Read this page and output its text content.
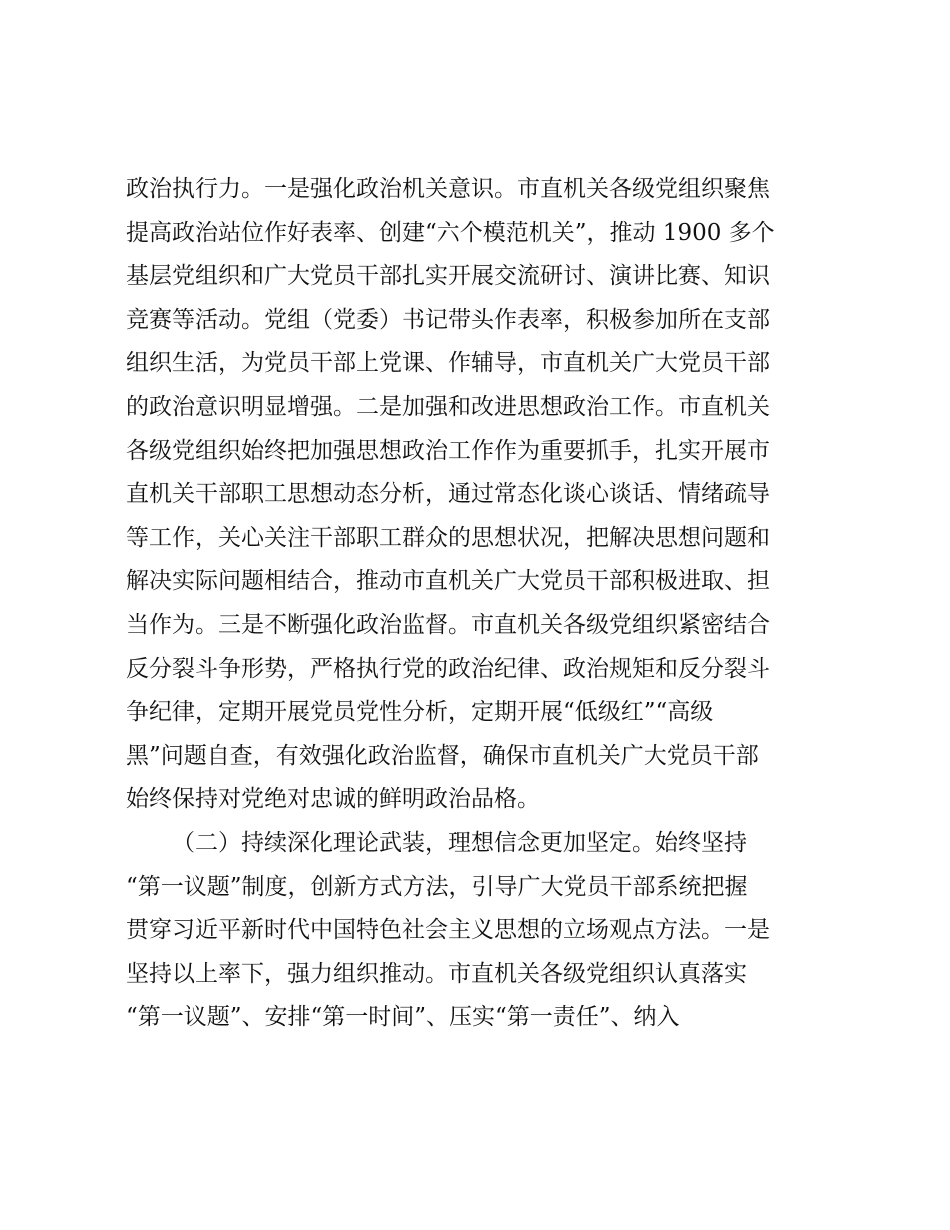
政治执行力。一是强化政治机关意识。市直机关各级党组织聚焦

提高政治站位作好表率、创建“六个模范机关”，推动 1900 多个

基层党组织和广大党员干部扎实开展交流研讨、演讲比赛、知识

竞赛等活动。党组（党委）书记带头作表率，积极参加所在支部

组织生活，为党员干部上党课、作辅导，市直机关广大党员干部

的政治意识明显增强。二是加强和改进思想政治工作。市直机关

各级党组织始终把加强思想政治工作作为重要抓手，扎实开展市

直机关干部职工思想动态分析，通过常态化谈心谈话、情绪疏导

等工作，关心关注干部职工群众的思想状况，把解决思想问题和

解决实际问题相结合，推动市直机关广大党员干部积极进取、担

当作为。三是不断强化政治监督。市直机关各级党组织紧密结合

反分裂斗争形势，严格执行党的政治纪律、政治规矩和反分裂斗

争纪律，定期开展党员党性分析，定期开展“低级红”“高级

黑”问题自查，有效强化政治监督，确保市直机关广大党员干部

始终保持对党绝对忠诚的鲜明政治品格。

（二）持续深化理论武装，理想信念更加坚定。始终坚持

“第一议题”制度，创新方式方法，引导广大党员干部系统把握

贯穿习近平新时代中国特色社会主义思想的立场观点方法。一是

坚持以上率下，强力组织推动。市直机关各级党组织认真落实

“第一议题”、安排“第一时间”、压实“第一责任”、纳入
